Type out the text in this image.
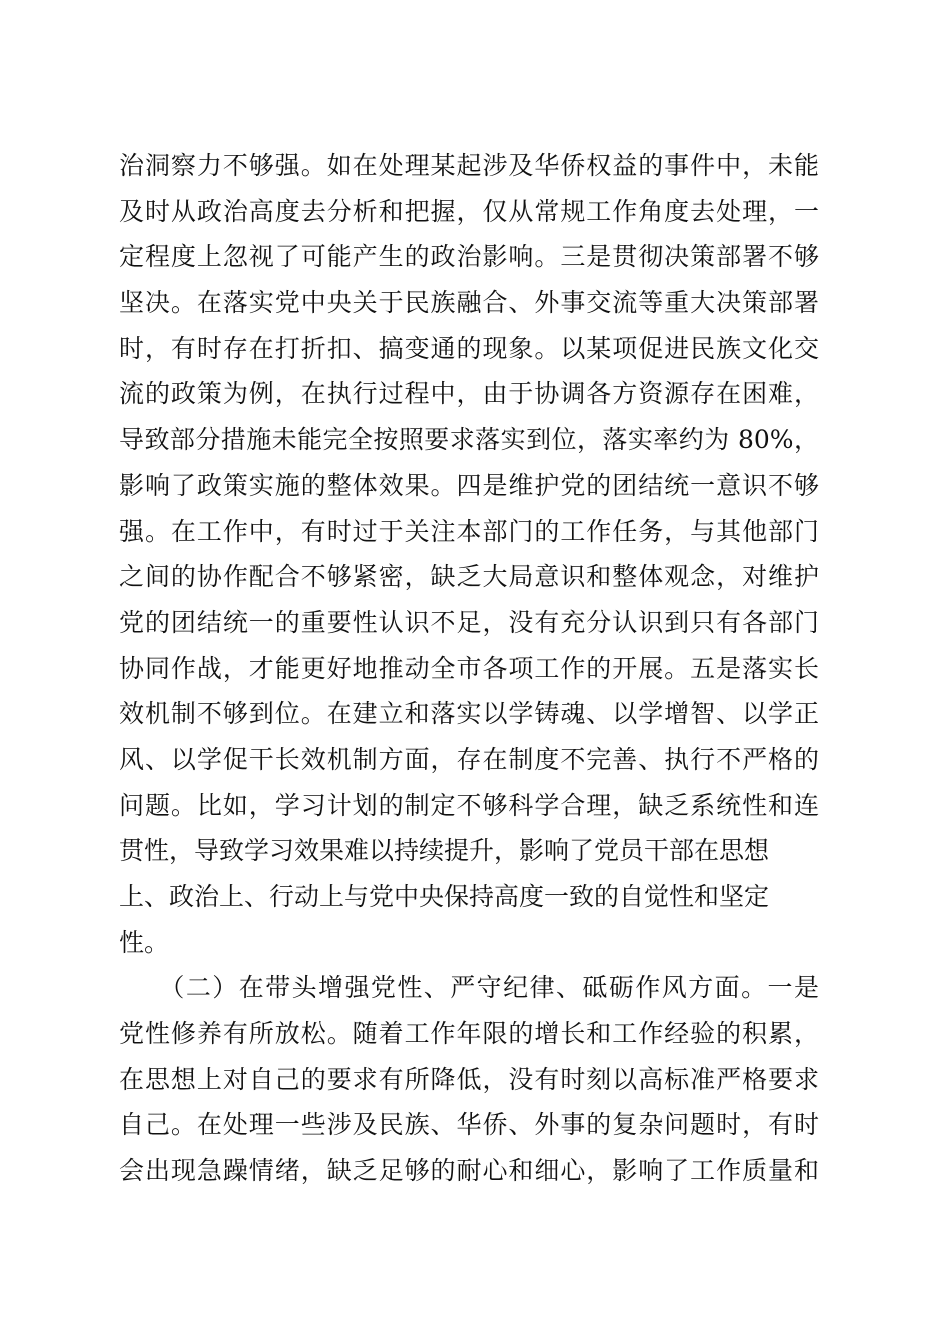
治洞察力不够强。如在处理某起涉及华侨权益的事件中，未能
及时从政治高度去分析和把握，仅从常规工作角度去处理，一
定程度上忽视了可能产生的政治影响。三是贯彻决策部署不够
坚决。在落实党中央关于民族融合、外事交流等重大决策部署
时，有时存在打折扣、搞变通的现象。以某项促进民族文化交
流的政策为例，在执行过程中，由于协调各方资源存在困难，
导致部分措施未能完全按照要求落实到位，落实率约为 80%，
影响了政策实施的整体效果。四是维护党的团结统一意识不够
强。在工作中，有时过于关注本部门的工作任务，与其他部门
之间的协作配合不够紧密，缺乏大局意识和整体观念，对维护
党的团结统一的重要性认识不足，没有充分认识到只有各部门
协同作战，才能更好地推动全市各项工作的开展。五是落实长
效机制不够到位。在建立和落实以学铸魂、以学增智、以学正
风、以学促干长效机制方面，存在制度不完善、执行不严格的
问题。比如，学习计划的制定不够科学合理，缺乏系统性和连
贯性，导致学习效果难以持续提升，影响了党员干部在思想
上、政治上、行动上与党中央保持高度一致的自觉性和坚定
性。
　　（二）在带头增强党性、严守纪律、砥砺作风方面。一是
党性修养有所放松。随着工作年限的增长和工作经验的积累，
在思想上对自己的要求有所降低，没有时刻以高标准严格要求
自己。在处理一些涉及民族、华侨、外事的复杂问题时，有时
会出现急躁情绪，缺乏足够的耐心和细心，影响了工作质量和
